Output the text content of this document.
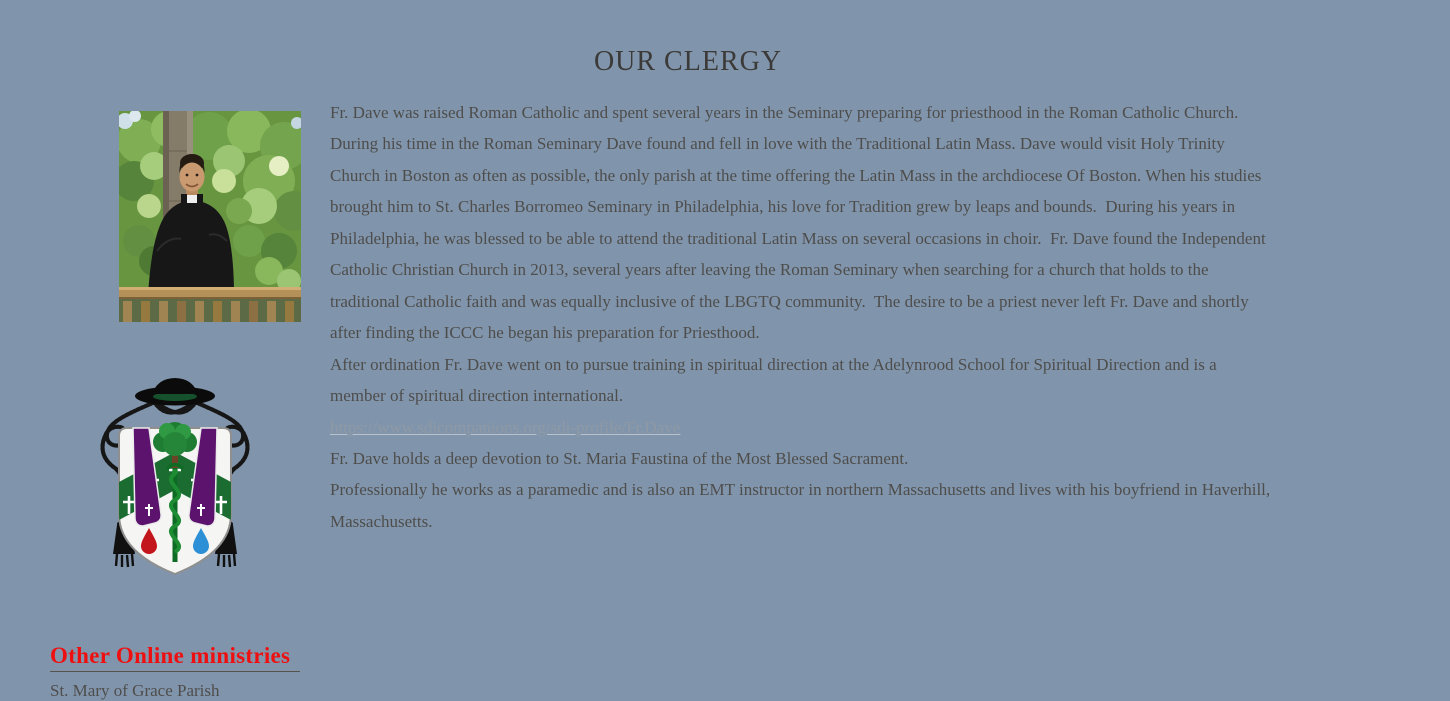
OUR CLERGY

Fr. Dave was raised Roman Catholic and spent several years in the Seminary preparing for priesthood in the Roman Catholic Church. During his time in the Roman Seminary Dave found and fell in love with the Traditional Latin Mass. Dave would visit Holy Trinity Church in Boston as often as possible, the only parish at the time offering the Latin Mass in the archdiocese Of Boston. When his studies brought him to St. Charles Borromeo Seminary in Philadelphia, his love for Tradition grew by leaps and bounds.  During his years in Philadelphia, he was blessed to be able to attend the traditional Latin Mass on several occasions in choir.  Fr. Dave found the Independent Catholic Christian Church in 2013, several years after leaving the Roman Seminary when searching for a church that holds to the traditional Catholic faith and was equally inclusive of the LBGTQ community.  The desire to be a priest never left Fr. Dave and shortly after finding the ICCC he began his preparation for Priesthood.

After ordination Fr. Dave went on to pursue training in spiritual direction at the Adelynrood School for Spiritual Direction and is a member of spiritual direction international.

https://www.sdicompanions.org/sdi-profile/Fr.Dave

Fr. Dave holds a deep devotion to St. Maria Faustina of the Most Blessed Sacrament.

Professionally he works as a paramedic and is also an EMT instructor in northern Massachusetts and lives with his boyfriend in Haverhill, Massachusetts.

Other Online ministries
St. Mary of Grace Parish
